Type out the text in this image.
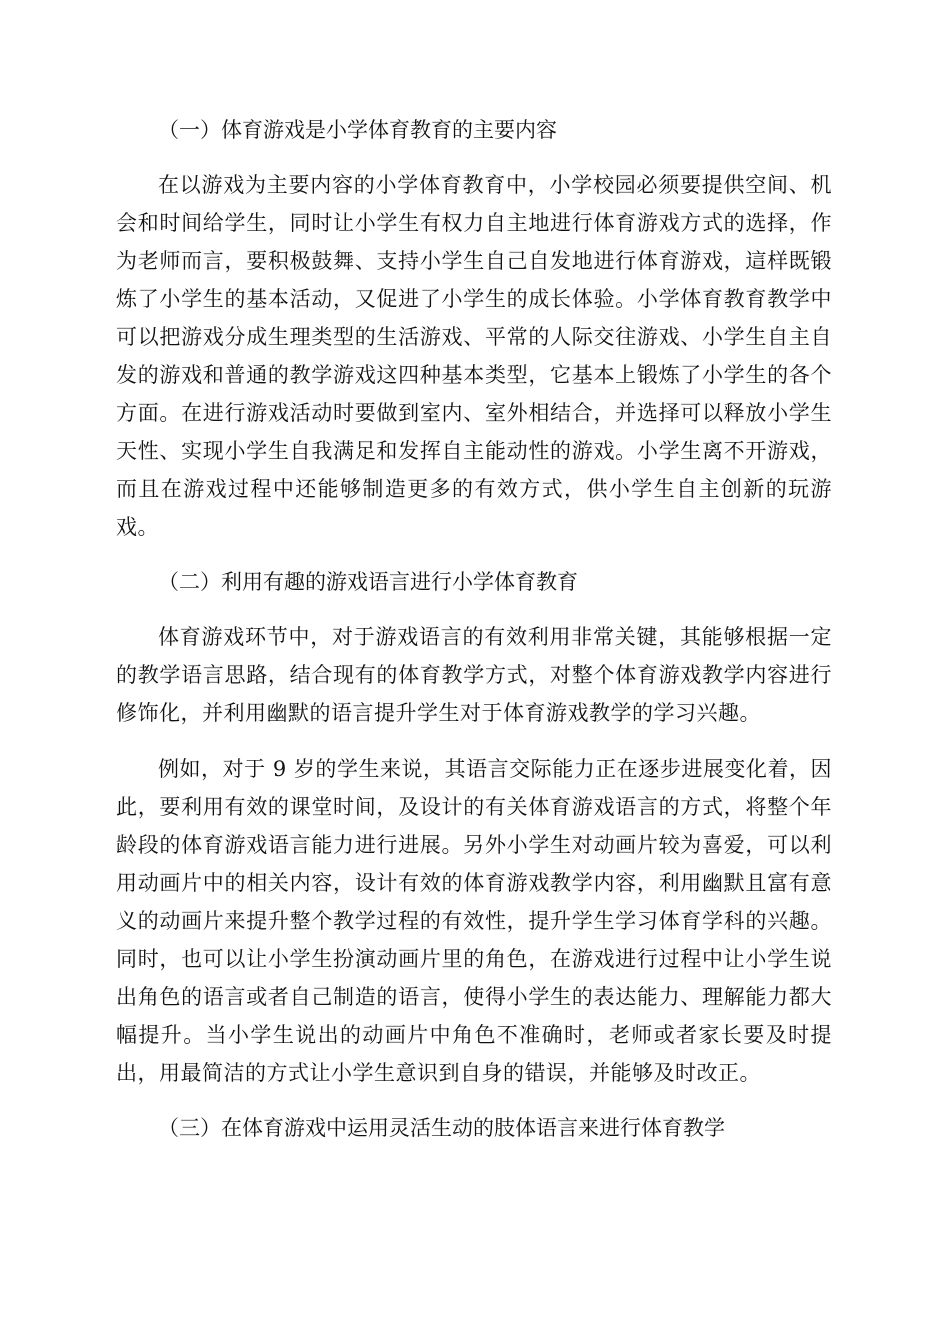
（一）体育游戏是小学体育教育的主要内容

在以游戏为主要内容的小学体育教育中，小学校园必须要提供空间、机会和时间给学生，同时让小学生有权力自主地进行体育游戏方式的选择，作为老师而言，要积极鼓舞、支持小学生自己自发地进行体育游戏，這样既锻炼了小学生的基本活动，又促进了小学生的成长体验。小学体育教育教学中可以把游戏分成生理类型的生活游戏、平常的人际交往游戏、小学生自主自发的游戏和普通的教学游戏这四种基本类型，它基本上锻炼了小学生的各个方面。在进行游戏活动时要做到室内、室外相结合，并选择可以释放小学生天性、实现小学生自我满足和发挥自主能动性的游戏。小学生离不开游戏，而且在游戏过程中还能够制造更多的有效方式，供小学生自主创新的玩游戏。

（二）利用有趣的游戏语言进行小学体育教育

体育游戏环节中，对于游戏语言的有效利用非常关键，其能够根据一定的教学语言思路，结合现有的体育教学方式，对整个体育游戏教学内容进行修饰化，并利用幽默的语言提升学生对于体育游戏教学的学习兴趣。

例如，对于 9 岁的学生来说，其语言交际能力正在逐步进展变化着，因此，要利用有效的课堂时间，及设计的有关体育游戏语言的方式，将整个年龄段的体育游戏语言能力进行进展。另外小学生对动画片较为喜爱，可以利用动画片中的相关内容，设计有效的体育游戏教学内容，利用幽默且富有意义的动画片来提升整个教学过程的有效性，提升学生学习体育学科的兴趣。同时，也可以让小学生扮演动画片里的角色，在游戏进行过程中让小学生说出角色的语言或者自己制造的语言，使得小学生的表达能力、理解能力都大幅提升。当小学生说出的动画片中角色不准确时，老师或者家长要及时提出，用最简洁的方式让小学生意识到自身的错误，并能够及时改正。

（三）在体育游戏中运用灵活生动的肢体语言来进行体育教学
